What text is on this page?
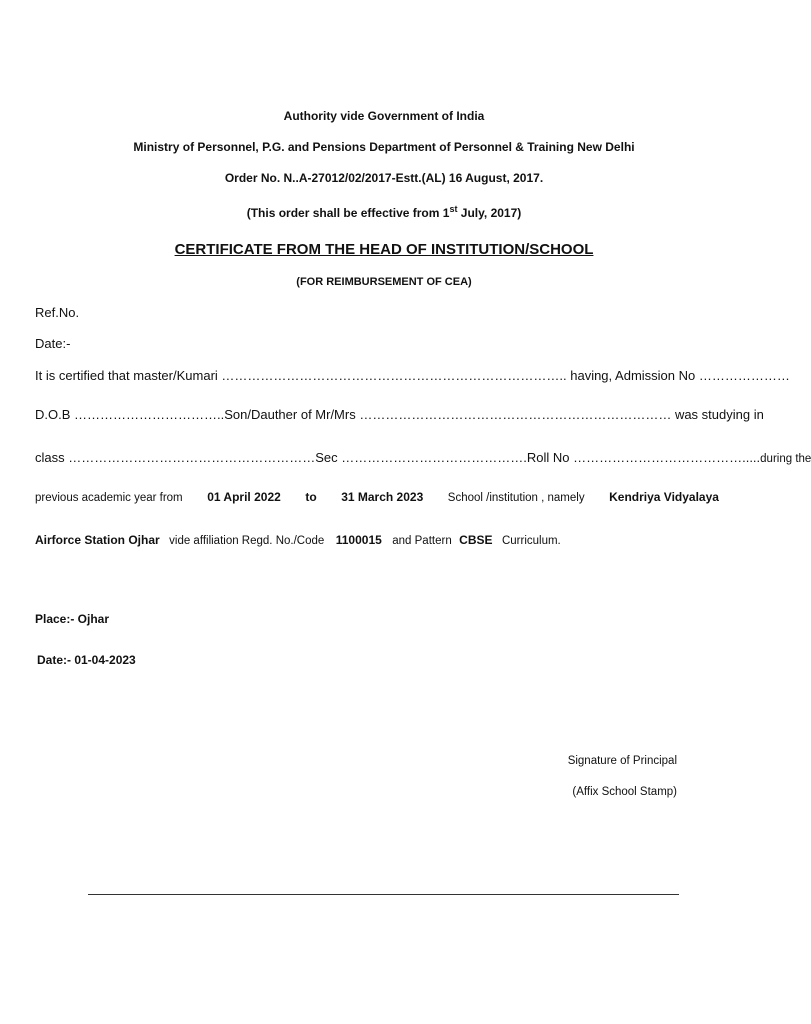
Authority vide Government of India
Ministry of Personnel, P.G. and Pensions Department of Personnel & Training New Delhi
Order No. N..A-27012/02/2017-Estt.(AL) 16 August, 2017.
(This order shall be effective from 1st July, 2017)
CERTIFICATE FROM THE HEAD OF INSTITUTION/SCHOOL
(FOR REIMBURSEMENT OF CEA)
Ref.No.
Date:-
It is certified that master/Kumari …………………………………………………………………….. having, Admission No …………………
D.O.B …………………………….. Son/Dauther of Mr/Mrs ……………………………………………………………… was studying in
class ………………………………………………… Sec ……………………………………. Roll No …………………………………..... during the
previous academic year from 01 April 2022 to 31 March 2023 School /institution , namely Kendriya Vidyalaya
Airforce Station Ojhar vide affiliation Regd. No./Code 1100015 and Pattern CBSE Curriculum.
Place:- Ojhar
Date:- 01-04-2023
Signature of Principal
(Affix School Stamp)
